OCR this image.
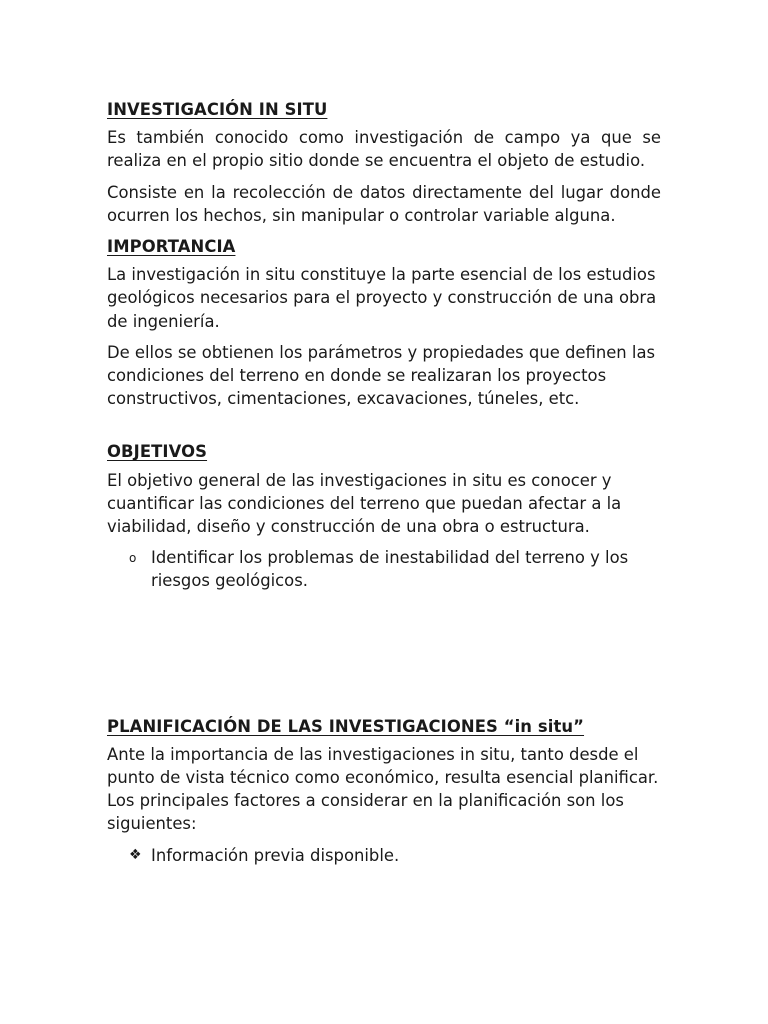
INVESTIGACIÓN IN SITU

Es también conocido como investigación de campo ya que se realiza en el propio sitio donde se encuentra el objeto de estudio.

Consiste en la recolección de datos directamente del lugar donde ocurren los hechos, sin manipular o controlar variable alguna.

IMPORTANCIA

La investigación in situ constituye la parte esencial de los estudios geológicos necesarios para el proyecto y construcción de una obra de ingeniería.

De ellos se obtienen los parámetros y propiedades que definen las condiciones del terreno en donde se realizaran los proyectos constructivos, cimentaciones, excavaciones, túneles, etc.

OBJETIVOS

El objetivo general de las investigaciones in situ es conocer y cuantificar las condiciones del terreno que puedan afectar a la viabilidad, diseño y construcción de una obra o estructura.

o Identificar los problemas de inestabilidad del terreno y los riesgos geológicos.
PLANIFICACIÓN DE LAS INVESTIGACIONES “in situ”

Ante la importancia de las investigaciones in situ, tanto desde el punto de vista técnico como económico, resulta esencial planificar. Los principales factores a considerar en la planificación son los siguientes:

❖ Información previa disponible.
